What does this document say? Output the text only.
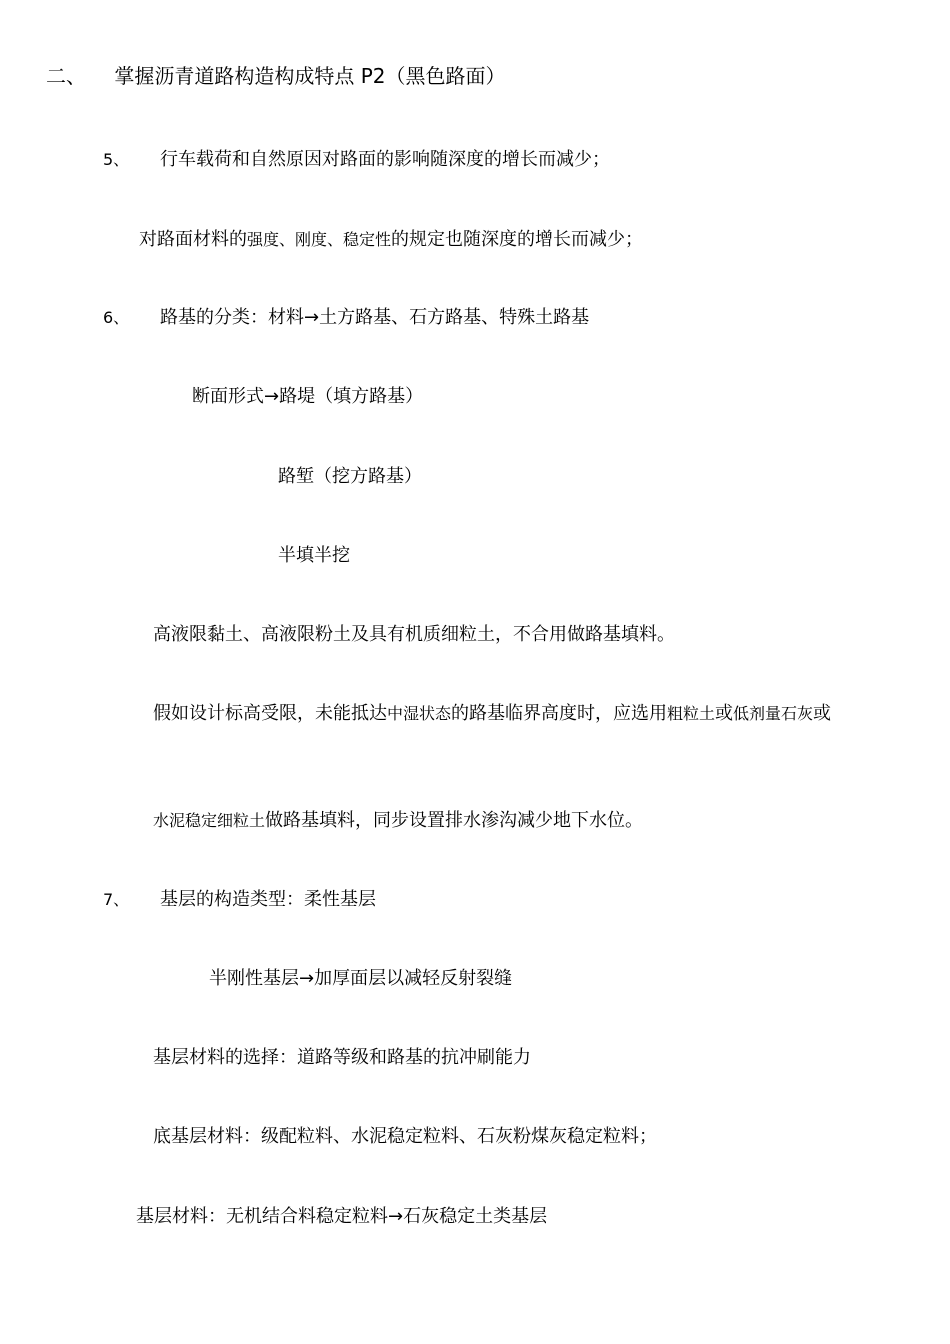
二、 掌握沥青道路构造构成特点 P2（黑色路面）
5、 行车载荷和自然原因对路面的影响随深度的增长而减少；
对路面材料的强度、刚度、稳定性的规定也随深度的增长而减少；
6、 路基的分类：材料→土方路基、石方路基、特殊土路基
断面形式→路堤（填方路基）
路堑（挖方路基）
半填半挖
高液限黏土、高液限粉土及具有机质细粒土，不合用做路基填料。
假如设计标高受限，未能抵达中湿状态的路基临界高度时，应选用粗粒土或低剂量石灰或
水泥稳定细粒土做路基填料，同步设置排水渗沟减少地下水位。
7、 基层的构造类型：柔性基层
半刚性基层→加厚面层以减轻反射裂缝
基层材料的选择：道路等级和路基的抗冲刷能力
底基层材料：级配粒料、水泥稳定粒料、石灰粉煤灰稳定粒料；
基层材料：无机结合料稳定粒料→石灰稳定土类基层
